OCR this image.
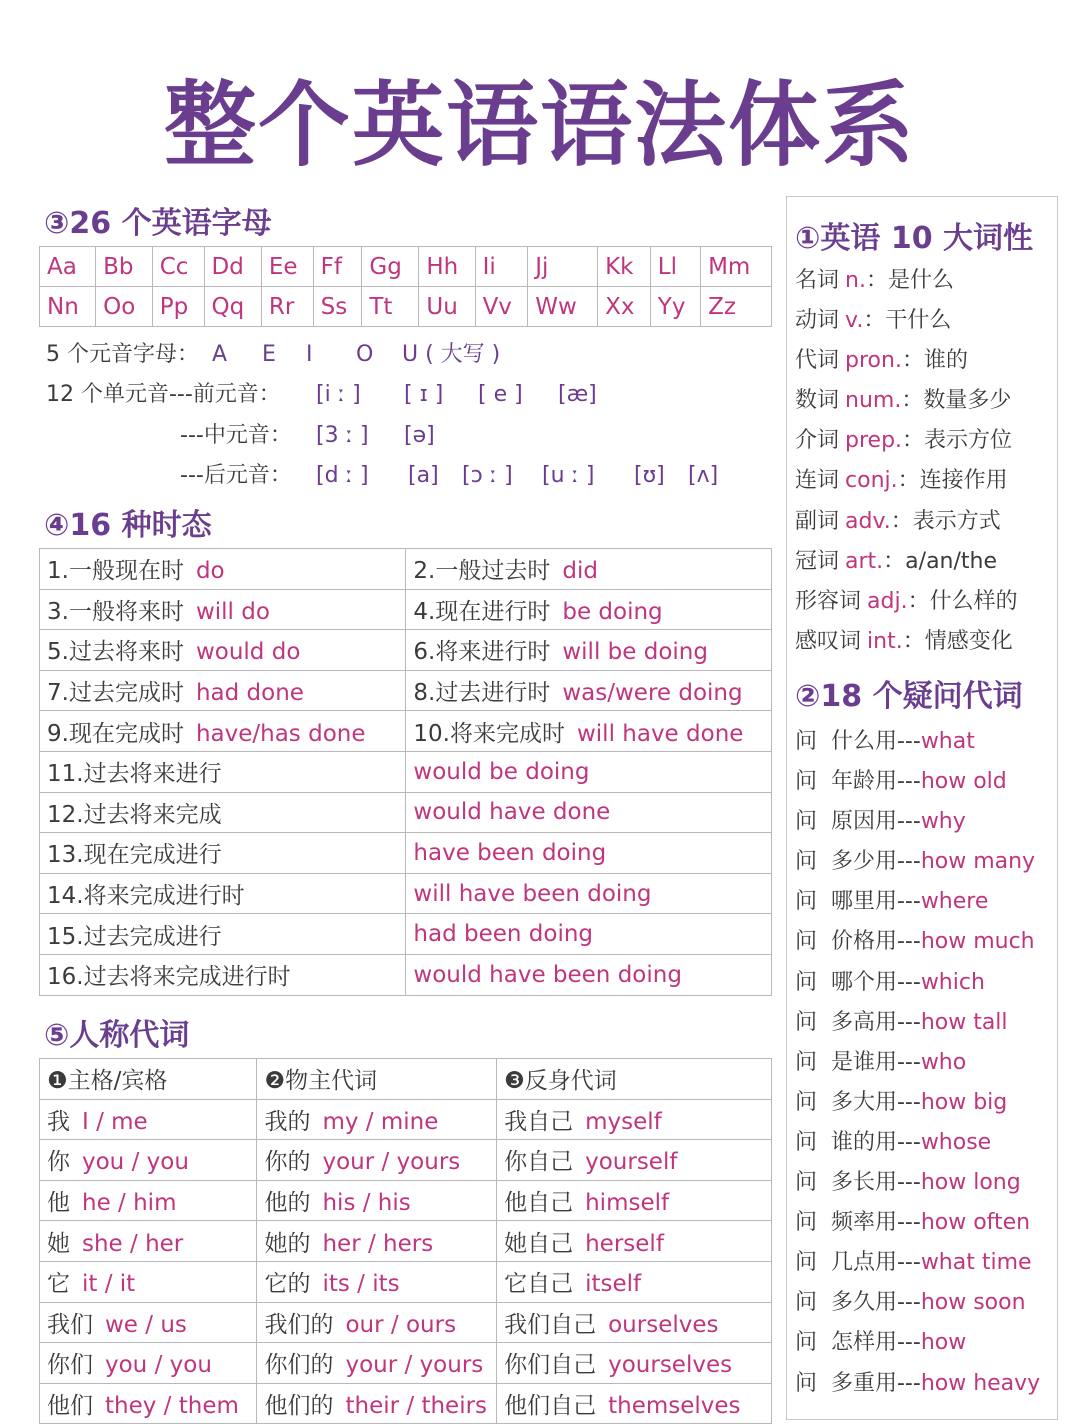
整个英语语法体系
③26 个英语字母
Aa	Bb	Cc	Dd	Ee	Ff	Gg	Hh	Ii	Jj	Kk	Ll	Mm
Nn	Oo	Pp	Qq	Rr	Ss	Tt	Uu	Vv	Ww	Xx	Yy	Zz
5 个元音字母： A E I O U ( 大写 )
12 个单元音---前元音： [i ː ] [ ɪ ] [ e ] [æ]
---中元音： [3 ː ] [ə]
---后元音： [d ː ] [a] [ɔ ː ] [u ː ] [ʊ] [ʌ]
④16 种时态
1.一般现在时 do	2.一般过去时 did
3.一般将来时 will do	4.现在进行时 be doing
5.过去将来时 would do	6.将来进行时 will be doing
7.过去完成时 had done	8.过去进行时 was/were doing
9.现在完成时 have/has done	10.将来完成时 will have done
11.过去将来进行	would be doing
12.过去将来完成	would have done
13.现在完成进行	have been doing
14.将来完成进行时	will have been doing
15.过去完成进行	had been doing
16.过去将来完成进行时	would have been doing
⑤人称代词
❶主格/宾格	❷物主代词	❸反身代词
我 I / me	我的 my / mine	我自己 myself
你 you / you	你的 your / yours	你自己 yourself
他 he / him	他的 his / his	他自己 himself
她 she / her	她的 her / hers	她自己 herself
它 it / it	它的 its / its	它自己 itself
我们 we / us	我们的 our / ours	我们自己 ourselves
你们 you / you	你们的 your / yours	你们自己 yourselves
他们 they / them	他们的 their / theirs	他们自己 themselves
①英语 10 大词性
名词 n.：是什么
动词 v.：干什么
代词 pron.：谁的
数词 num.：数量多少
介词 prep.：表示方位
连词 conj.：连接作用
副词 adv.：表示方式
冠词 art.：a/an/the
形容词 adj.：什么样的
感叹词 int.：情感变化
②18 个疑问代词
问  什么用---what
问  年龄用---how old
问  原因用---why
问  多少用---how many
问  哪里用---where
问  价格用---how much
问  哪个用---which
问  多高用---how tall
问  是谁用---who
问  多大用---how big
问  谁的用---whose
问  多长用---how long
问  频率用---how often
问  几点用---what time
问  多久用---how soon
问  怎样用---how
问  多重用---how heavy
